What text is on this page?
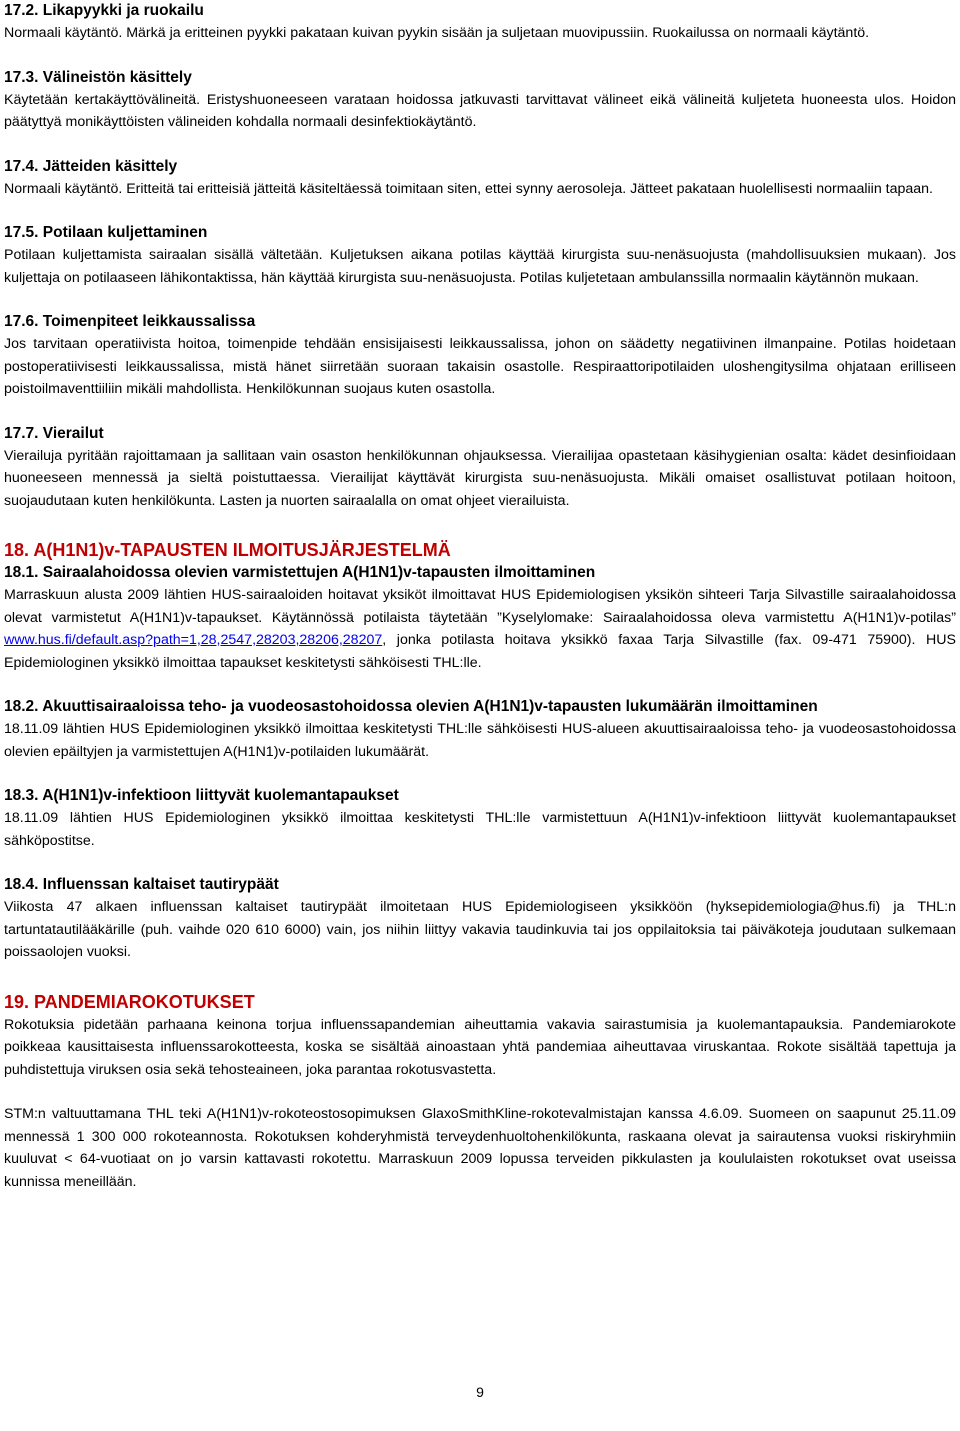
17.2. Likapyykki ja ruokailu
Normaali käytäntö. Märkä ja eritteinen pyykki pakataan kuivan pyykin sisään ja suljetaan muovipussiin. Ruokailussa on normaali käytäntö.
17.3. Välineistön käsittely
Käytetään kertakäyttövälineitä. Eristyshuoneeseen varataan hoidossa jatkuvasti tarvittavat välineet eikä välineitä kuljeteta huoneesta ulos. Hoidon päätyttyä monikäyttöisten välineiden kohdalla normaali desinfektiokäytäntö.
17.4. Jätteiden käsittely
Normaali käytäntö. Eritteitä tai eritteisiä jätteitä käsiteltäessä toimitaan siten, ettei synny aerosoleja. Jätteet pakataan huolellisesti normaaliin tapaan.
17.5. Potilaan kuljettaminen
Potilaan kuljettamista sairaalan sisällä vältetään. Kuljetuksen aikana potilas käyttää kirurgista suu-nenäsuojusta (mahdollisuuksien mukaan). Jos kuljettaja on potilaaseen lähikontaktissa, hän käyttää kirurgista suu-nenäsuojusta. Potilas kuljetetaan ambulanssilla normaalin käytännön mukaan.
17.6. Toimenpiteet leikkaussalissa
Jos tarvitaan operatiivista hoitoa, toimenpide tehdään ensisijaisesti leikkaussalissa, johon on säädetty negatiivinen ilmanpaine. Potilas hoidetaan postoperatiivisesti leikkaussalissa, mistä hänet siirretään suoraan takaisin osastolle. Respiraattoripotilaiden uloshengitysilma ohjataan erilliseen poistoilmaventtiiliin mikäli mahdollista. Henkilökunnan suojaus kuten osastolla.
17.7. Vierailut
Vierailuja pyritään rajoittamaan ja sallitaan vain osaston henkilökunnan ohjauksessa. Vierailijaa opastetaan käsihygienian osalta: kädet desinfioidaan huoneeseen mennessä ja sieltä poistuttaessa. Vierailijat käyttävät kirurgista suu-nenäsuojusta. Mikäli omaiset osallistuvat potilaan hoitoon, suojaudutaan kuten henkilökunta. Lasten ja nuorten sairaalalla on omat ohjeet vierailuista.
18. A(H1N1)v-TAPAUSTEN ILMOITUSJÄRJESTELMÄ
18.1. Sairaalahoidossa olevien varmistettujen A(H1N1)v-tapausten ilmoittaminen
Marraskuun alusta 2009 lähtien HUS-sairaaloiden hoitavat yksiköt ilmoittavat HUS Epidemiologisen yksikön sihteeri Tarja Silvastille sairaalahoidossa olevat varmistetut A(H1N1)v-tapaukset. Käytännössä potilaista täytetään ”Kyselylomake: Sairaalahoidossa oleva varmistettu A(H1N1)v-potilas” www.hus.fi/default.asp?path=1,28,2547,28203,28206,28207, jonka potilasta hoitava yksikkö faxaa Tarja Silvastille (fax. 09-471 75900). HUS Epidemiologinen yksikkö ilmoittaa tapaukset keskitetysti sähköisesti THL:lle.
18.2. Akuuttisairaaloissa teho- ja vuodeosastohoidossa olevien A(H1N1)v-tapausten lukumäärän ilmoittaminen
18.11.09 lähtien HUS Epidemiologinen yksikkö ilmoittaa keskitetysti THL:lle sähköisesti HUS-alueen akuuttisairaaloissa teho- ja vuodeosastohoidossa olevien epäiltyjen ja varmistettujen A(H1N1)v-potilaiden lukumäärät.
18.3. A(H1N1)v-infektioon liittyvät kuolemantapaukset
18.11.09 lähtien HUS Epidemiologinen yksikkö ilmoittaa keskitetysti THL:lle varmistettuun A(H1N1)v-infektioon liittyvät kuolemantapaukset sähköpostitse.
18.4. Influenssan kaltaiset tautirypäät
Viikosta 47 alkaen influenssan kaltaiset tautirypäät ilmoitetaan HUS Epidemiologiseen yksikköön (hyksepidemiologia@hus.fi) ja THL:n tartuntatautilääkärille (puh. vaihde 020 610 6000) vain, jos niihin liittyy vakavia taudinkuvia tai jos oppilaitoksia tai päiväkoteja joudutaan sulkemaan poissaolojen vuoksi.
19. PANDEMIAROKOTUKSET
Rokotuksia pidetään parhaana keinona torjua influenssapandemian aiheuttamia vakavia sairastumisia ja kuolemantapauksia. Pandemiarokote poikkeaa kausittaisesta influenssarokotteesta, koska se sisältää ainoastaan yhtä pandemiaa aiheuttavaa viruskantaa. Rokote sisältää tapettuja ja puhdistettuja viruksen osia sekä tehosteaineen, joka parantaa rokotusvastetta.
STM:n valtuuttamana THL teki A(H1N1)v-rokoteostosopimuksen GlaxoSmithKline-rokotevalmistajan kanssa 4.6.09. Suomeen on saapunut 25.11.09 mennessä 1 300 000 rokoteannosta. Rokotuksen kohderyhmistä terveydenhuoltohenkilökunta, raskaana olevat ja sairautensa vuoksi riskiryhmiin kuuluvat < 64-vuotiaat on jo varsin kattavasti rokotettu. Marraskuun 2009 lopussa terveiden pikkulasten ja koululaisten rokotukset ovat useissa kunnissa meneillään.
9
